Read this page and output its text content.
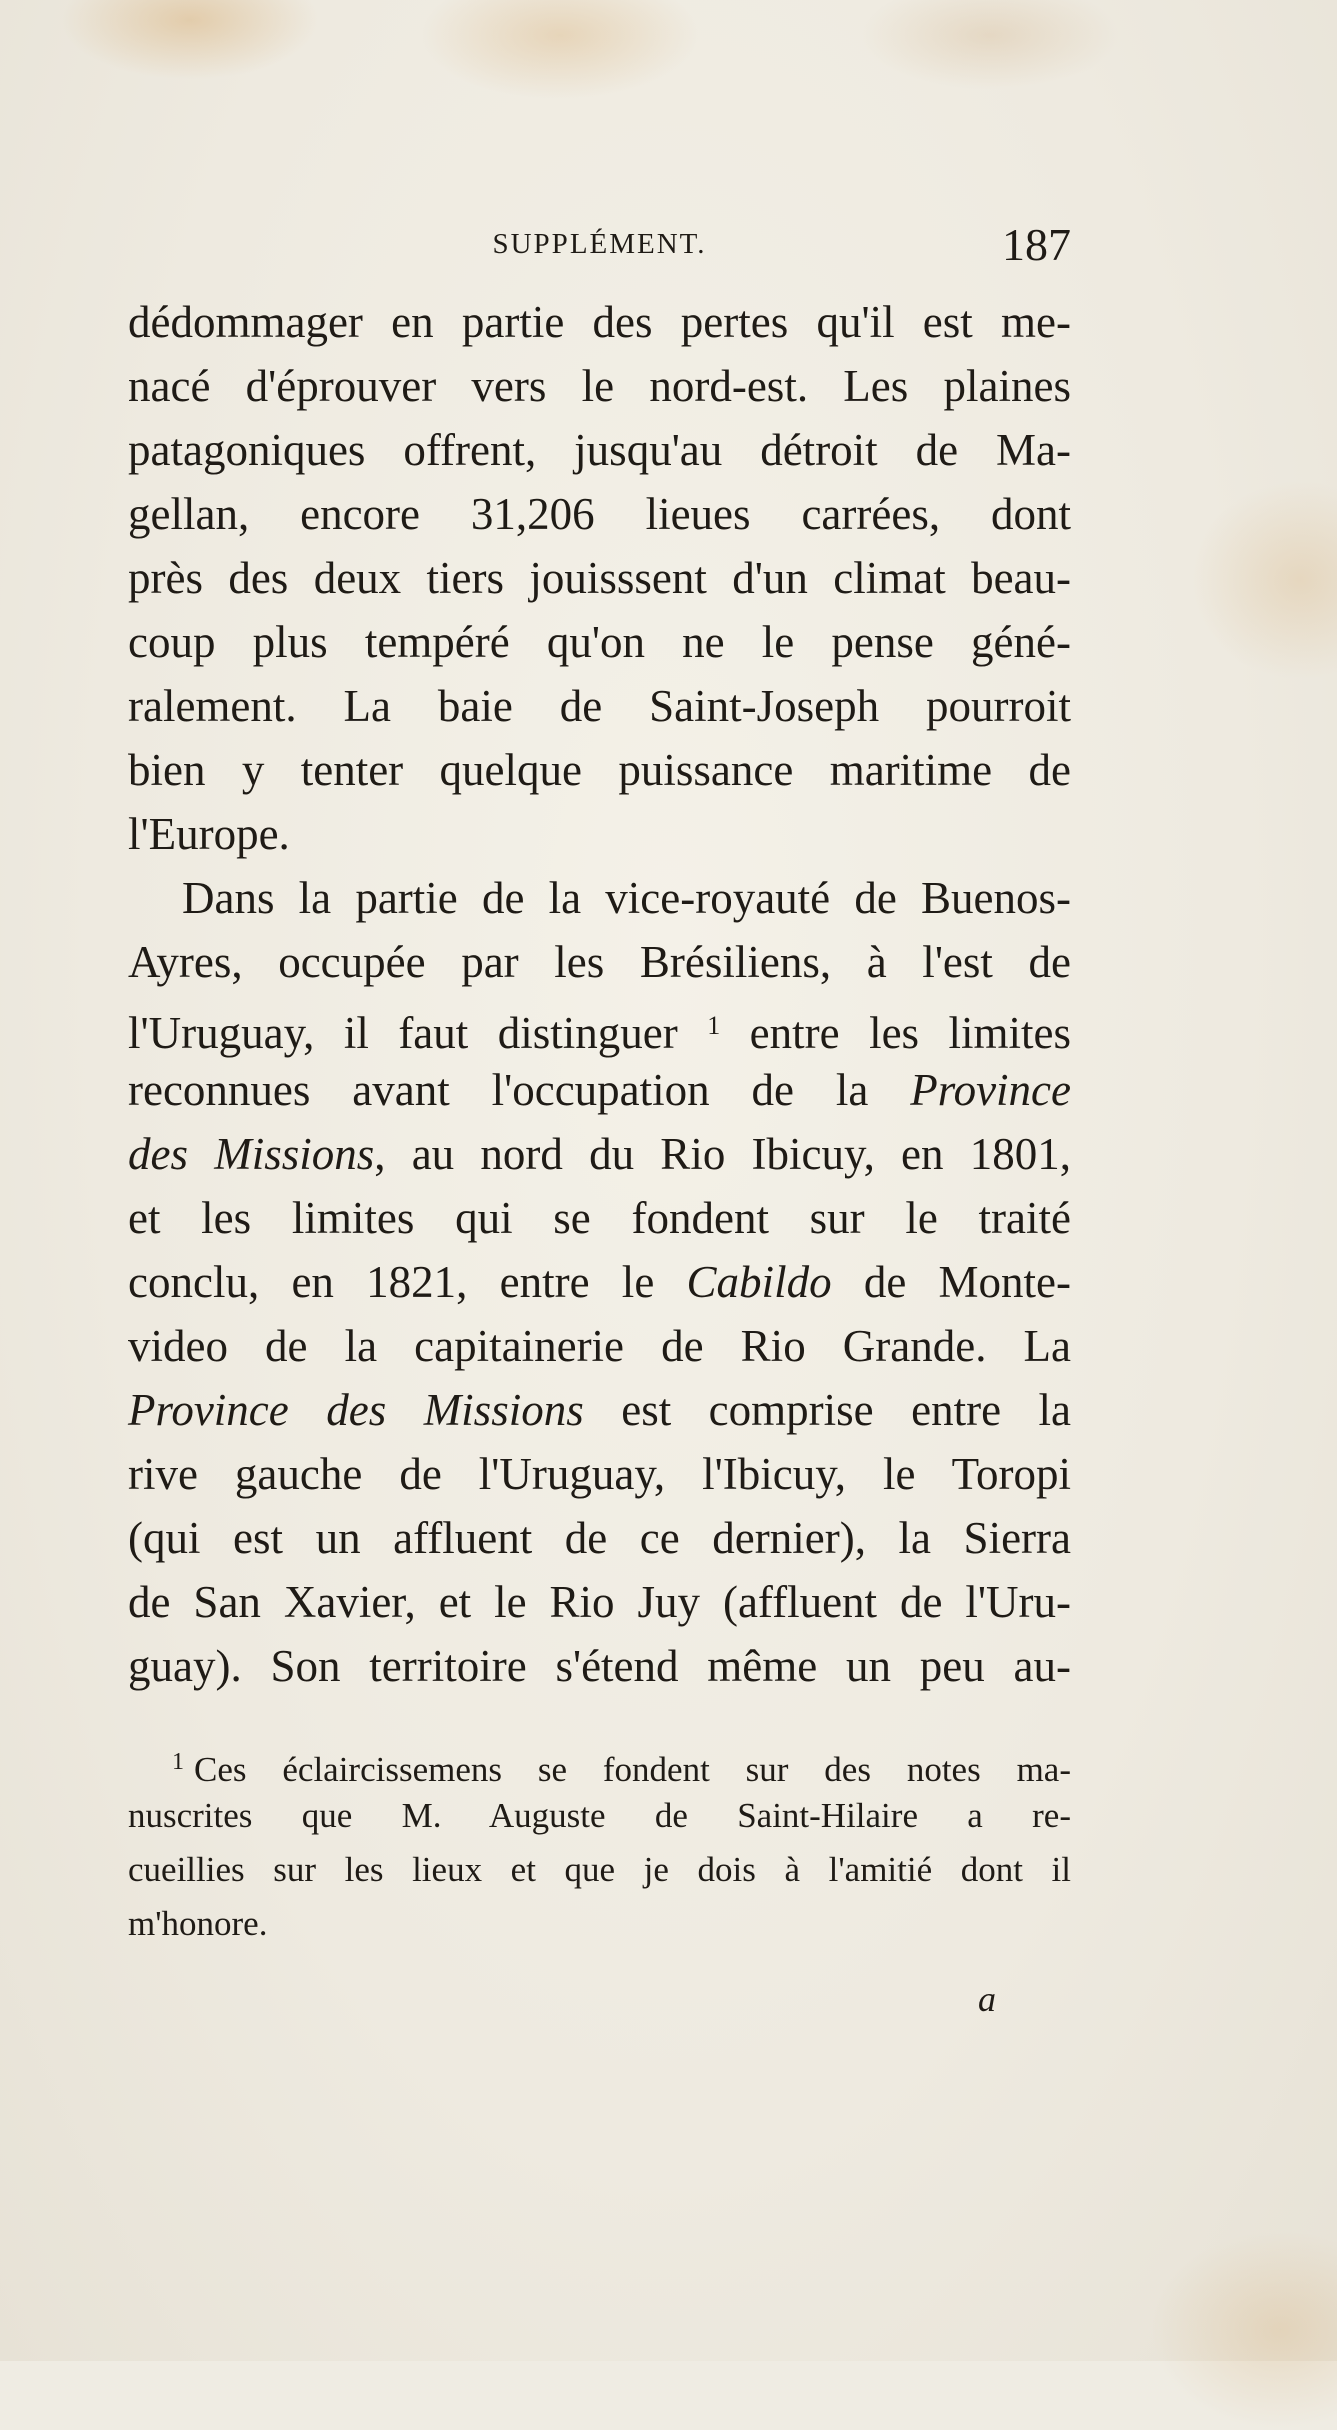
SUPPLÉMENT.	187
dédommager en partie des pertes qu'il est me-
nacé d'éprouver vers le nord-est. Les plaines
patagoniques offrent, jusqu'au détroit de Ma-
gellan, encore 31,206 lieues carrées, dont
près des deux tiers jouisssent d'un climat beau-
coup plus tempéré qu'on ne le pense géné-
ralement. La baie de Saint-Joseph pourroit
bien y tenter quelque puissance maritime de
l'Europe.
Dans la partie de la vice-royauté de Buenos-
Ayres, occupée par les Brésiliens, à l'est de
l'Uruguay, il faut distinguer $^1$ entre les limites
reconnues avant l'occupation de la Province
des Missions, au nord du Rio Ibicuy, en 1801,
et les limites qui se fondent sur le traité
conclu, en 1821, entre le Cabildo de Monte-
video de la capitainerie de Rio Grande. La
Province des Missions est comprise entre la
rive gauche de l'Uruguay, l'Ibicuy, le Toropi
(qui est un affluent de ce dernier), la Sierra
de San Xavier, et le Rio Juy (affluent de l'Uru-
guay). Son territoire s'étend même un peu au-
$^1$ Ces éclaircissemens se fondent sur des notes ma-
nuscrites que M. Auguste de Saint-Hilaire a re-
cueillies sur les lieux et que je dois à l'amitié dont il
m'honore.
a
